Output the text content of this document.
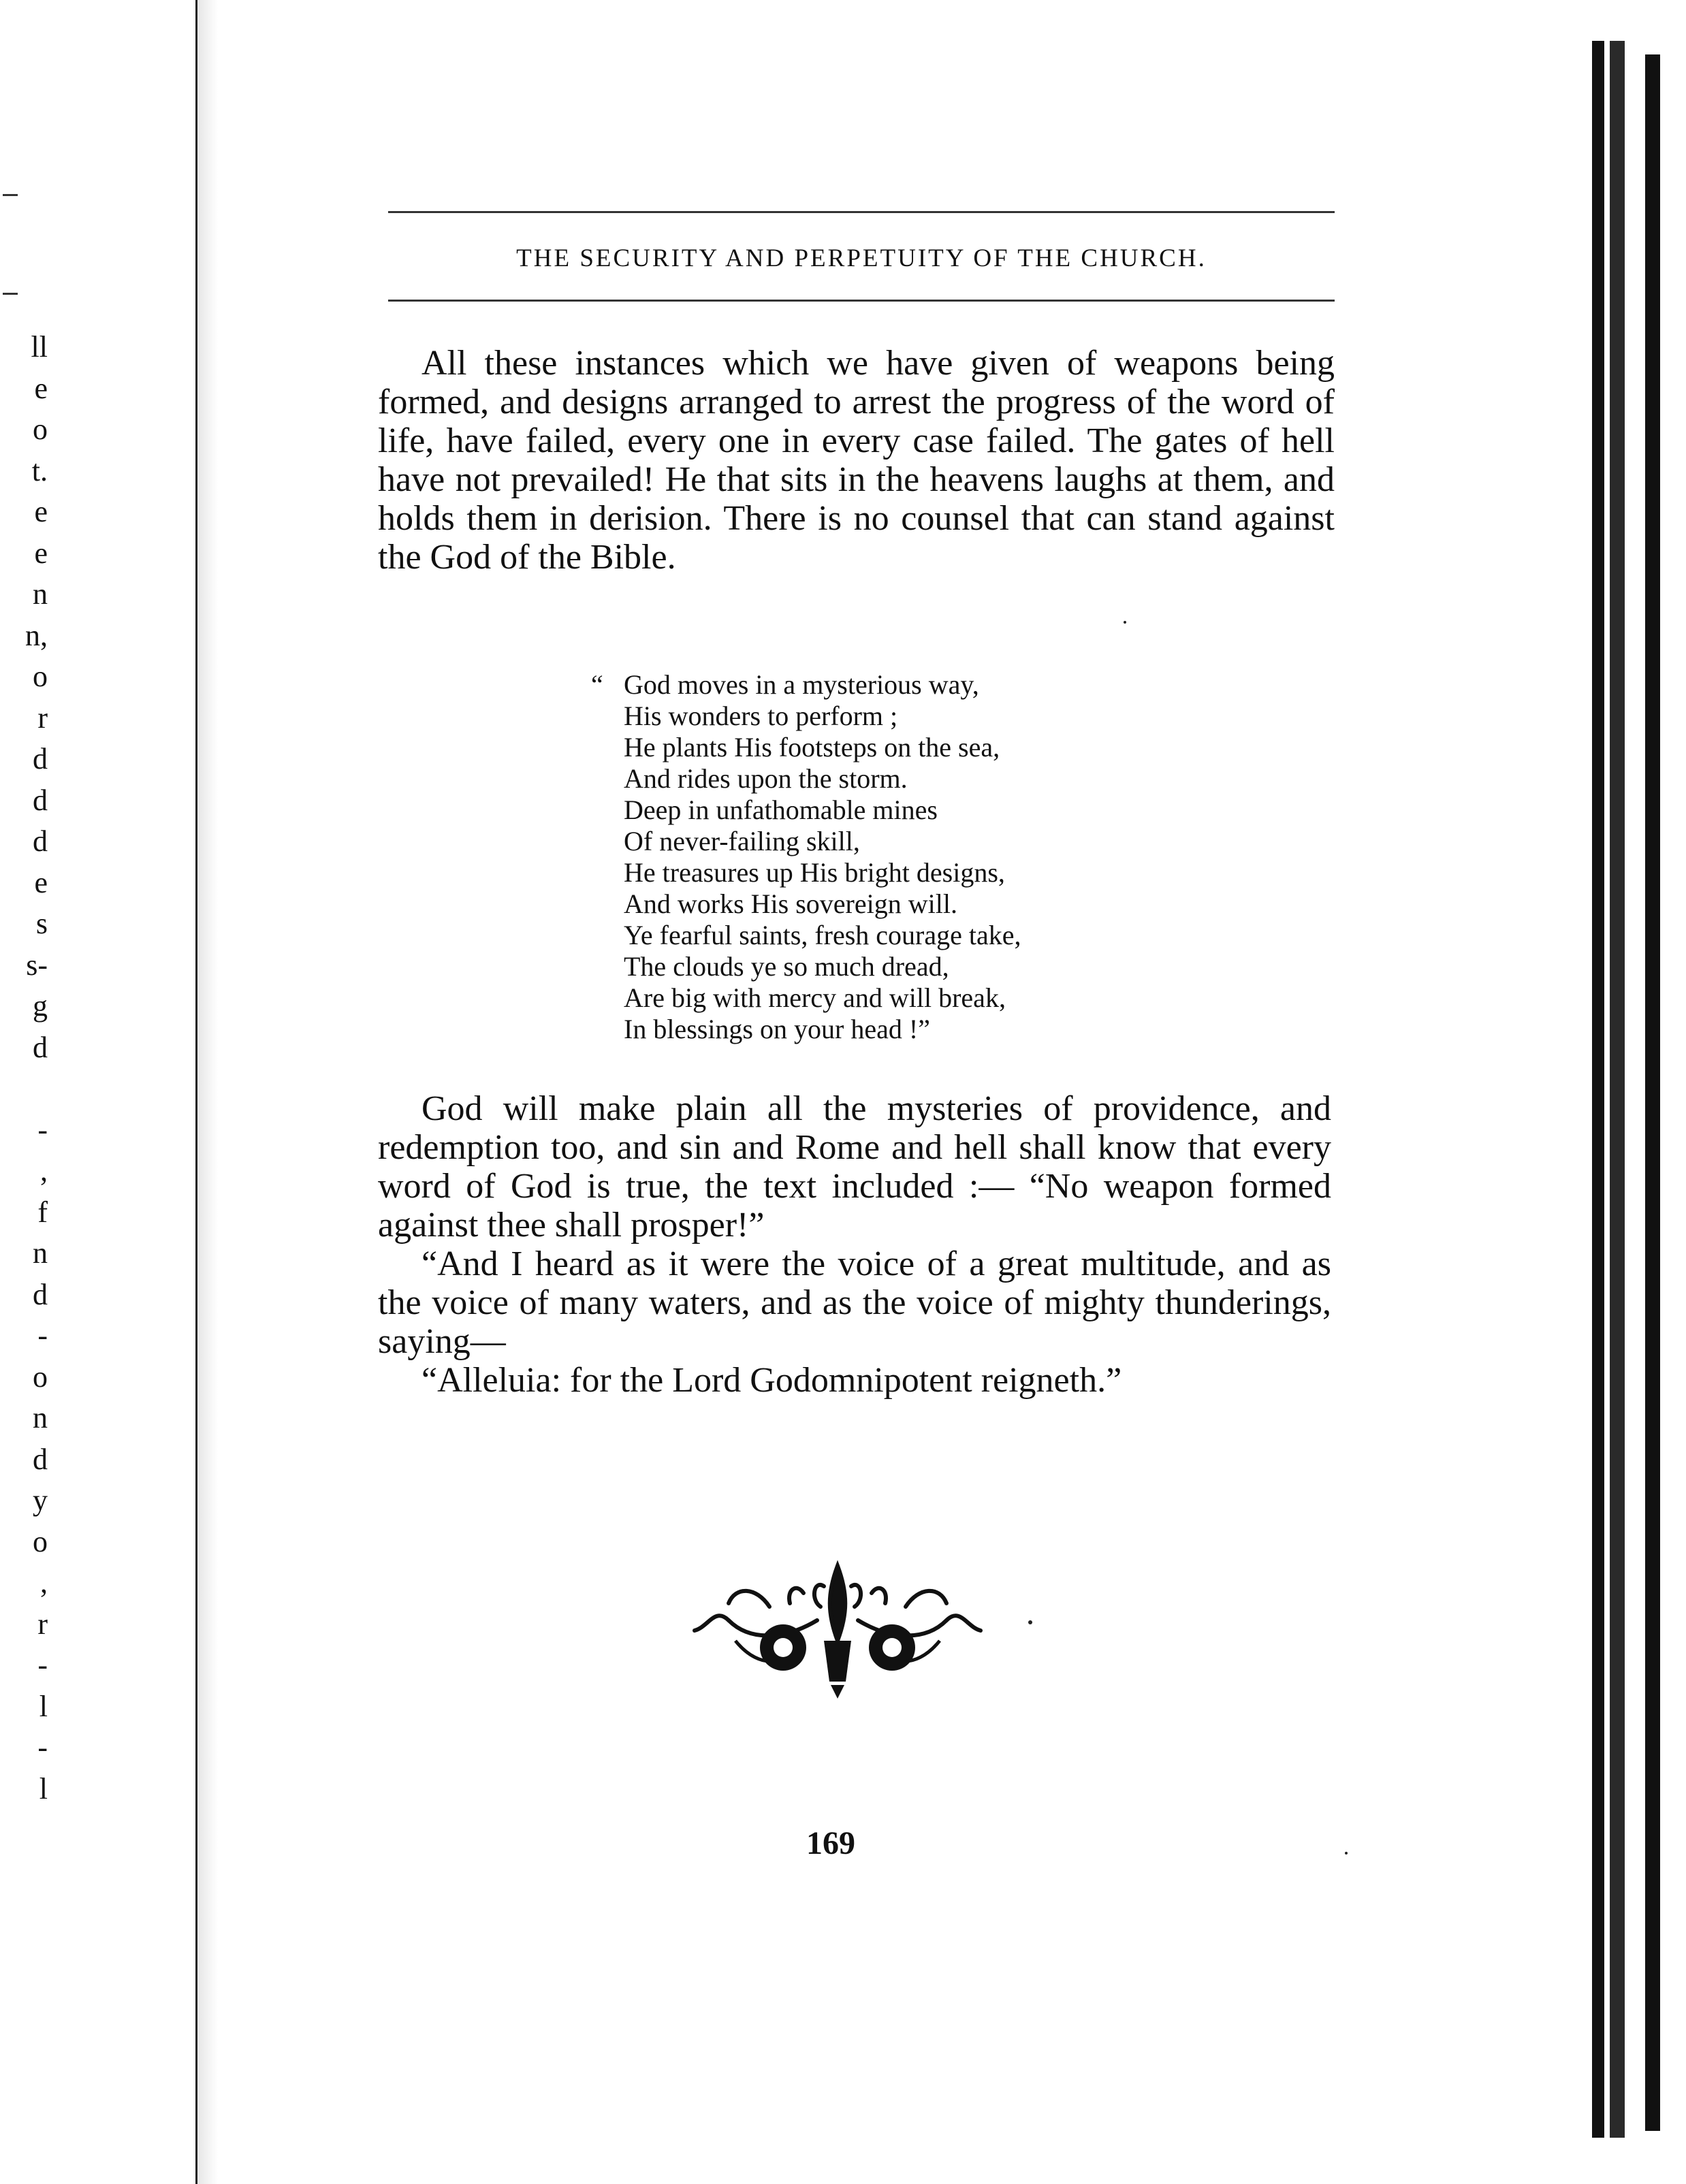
ll
e
o
t.
e
e
n
n,
o
r
d
d
d
e
s
s-
g
d
-
,
f
n
d
-
o
n
d
y
o
,
r
-
l
-
l
THE SECURITY AND PERPETUITY OF THE CHURCH.

All these instances which we have given of weapons being formed, and designs arranged to arrest the progress of the word of life, have failed, every one in every case failed. The gates of hell have not prevailed! He that sits in the heavens laughs at them, and holds them in derision. There is no counsel that can stand against the God of the Bible.

“ God moves in a mysterious way,
His wonders to perform ;
He plants His footsteps on the sea,
And rides upon the storm.
Deep in unfathomable mines
Of never-failing skill,
He treasures up His bright designs,
And works His sovereign will.
Ye fearful saints, fresh courage take,
The clouds ye so much dread,
Are big with mercy and will break,
In blessings on your head !”

God will make plain all the mysteries of providence, and redemption too, and sin and Rome and hell shall know that every word of God is true, the text included :— “No weapon formed against thee shall prosper!”

“And I heard as it were the voice of a great multitude, and as the voice of many waters, and as the voice of mighty thunderings, saying—

“Alleluia: for the Lord Godomnipotent reigneth.”

169
